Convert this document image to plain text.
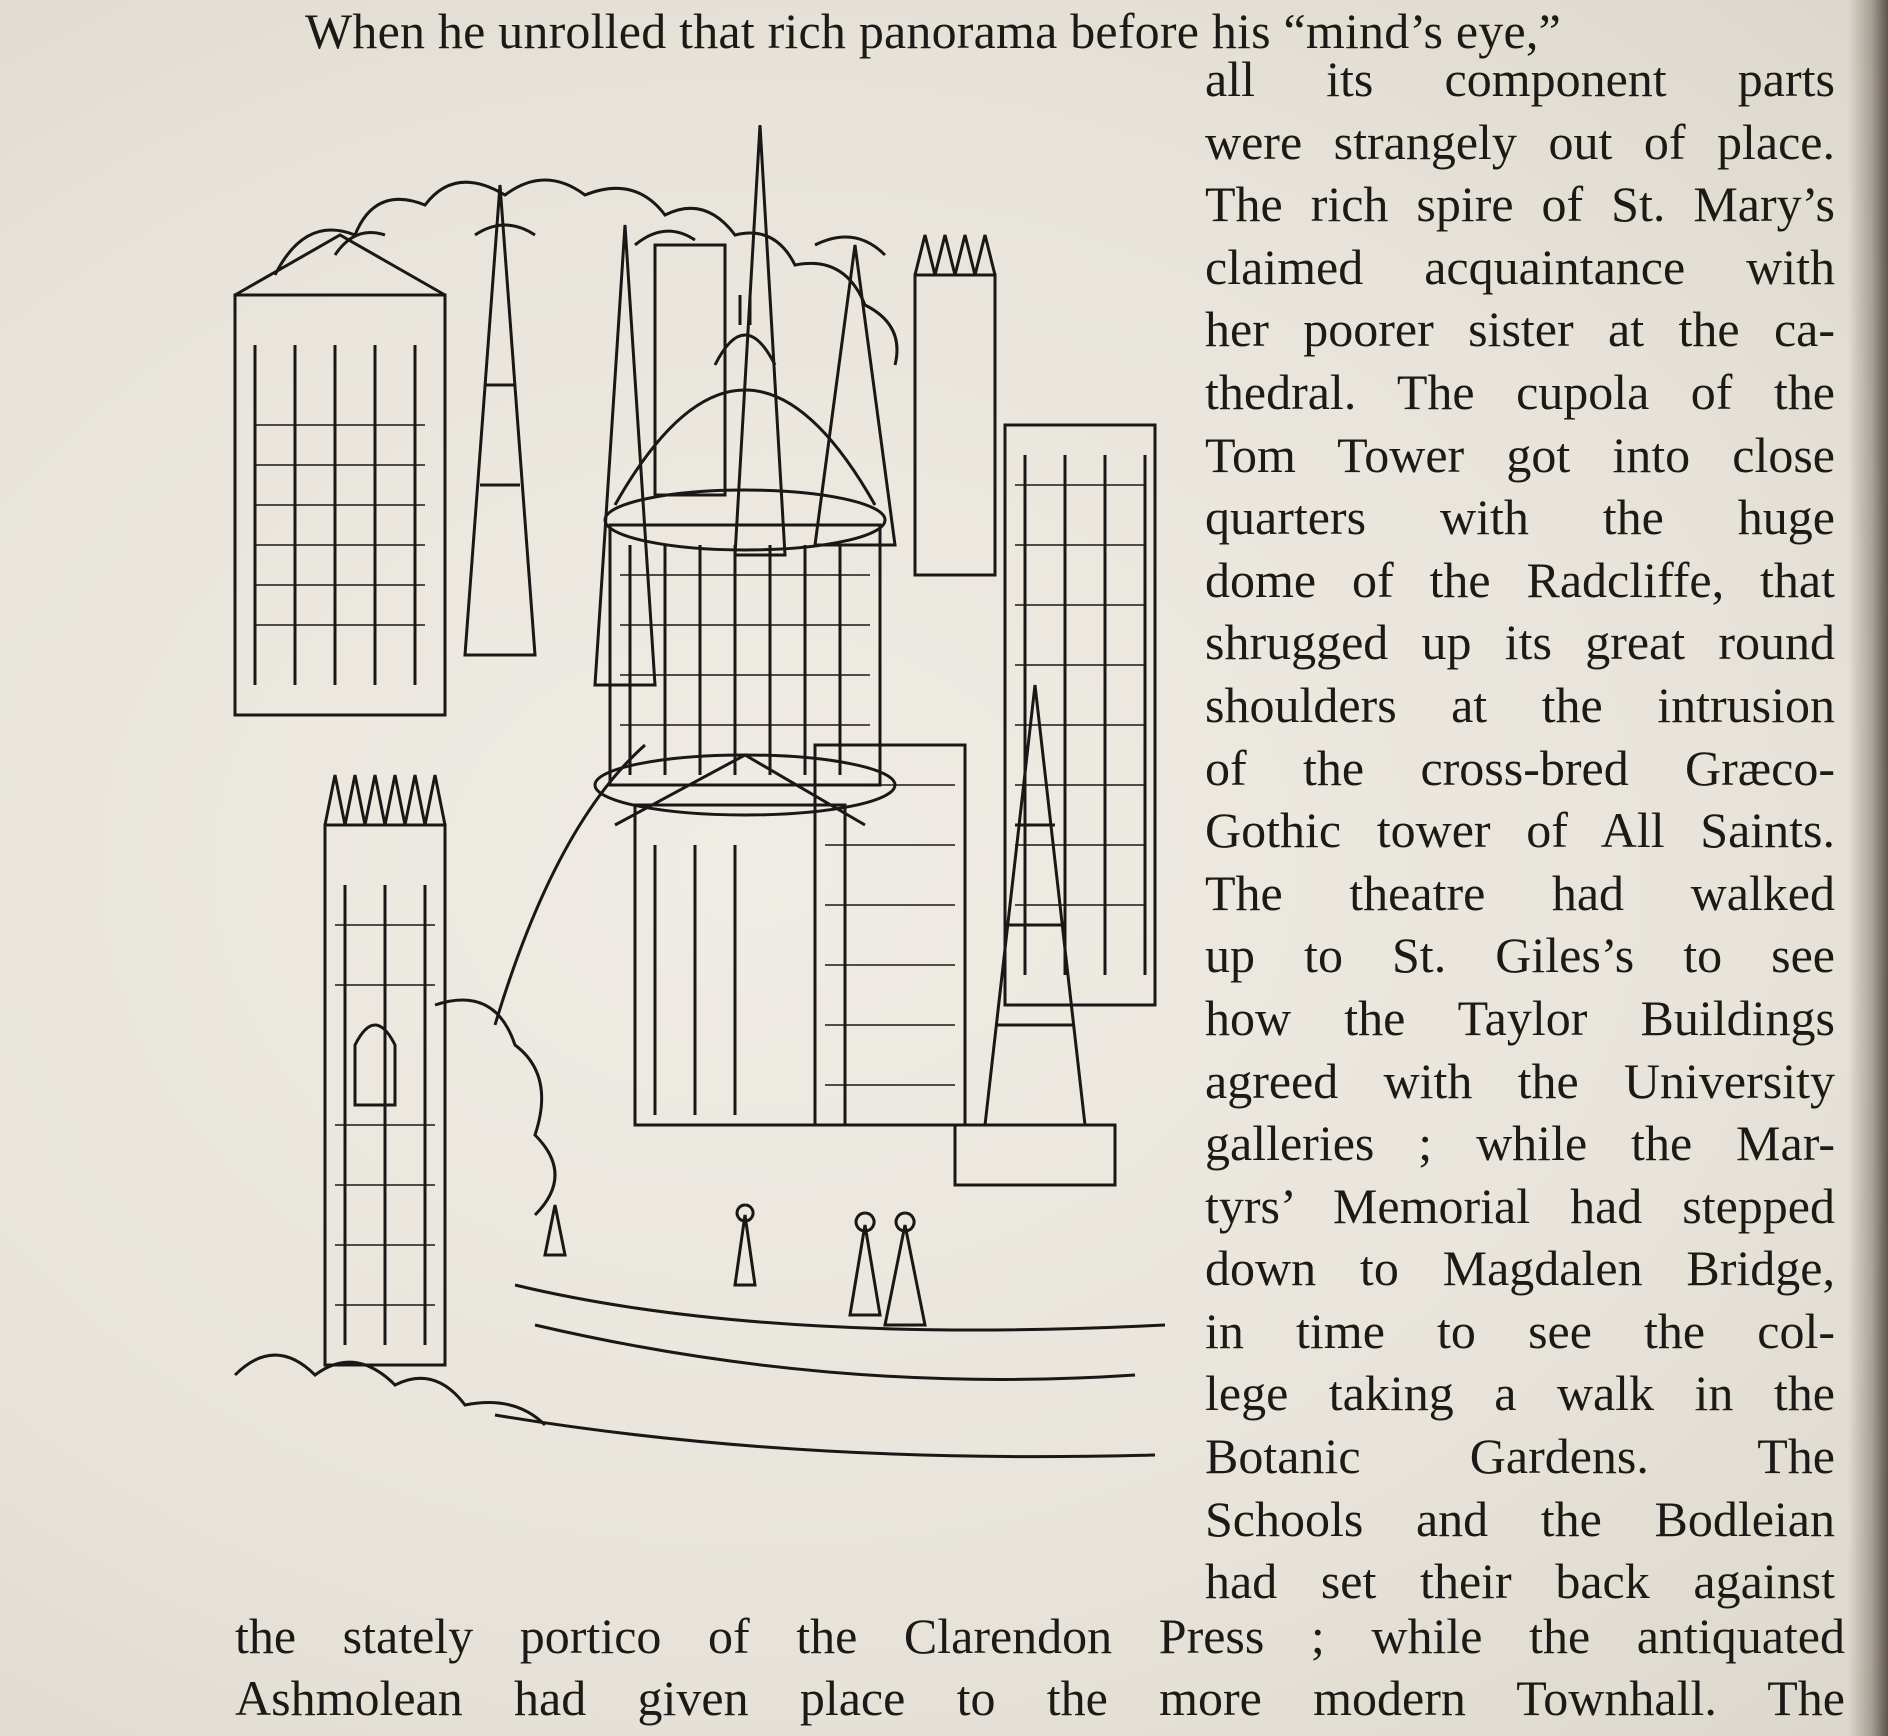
When he unrolled that rich panorama before his “mind’s eye,”
all its component parts
were strangely out of place.
The rich spire of St. Mary’s
claimed acquaintance with
her poorer sister at the ca-
thedral. The cupola of the
Tom Tower got into close
quarters with the huge
dome of the Radcliffe, that
shrugged up its great round
shoulders at the intrusion
of the cross-bred Græco-
Gothic tower of All Saints.
The theatre had walked
up to St. Giles’s to see
how the Taylor Buildings
agreed with the University
galleries ; while the Mar-
tyrs’ Memorial had stepped
down to Magdalen Bridge,
in time to see the col-
lege taking a walk in the
Botanic Gardens. The
Schools and the Bodleian
had set their back against
the stately portico of the Clarendon Press ; while the antiquated
Ashmolean had given place to the more modern Townhall. The
